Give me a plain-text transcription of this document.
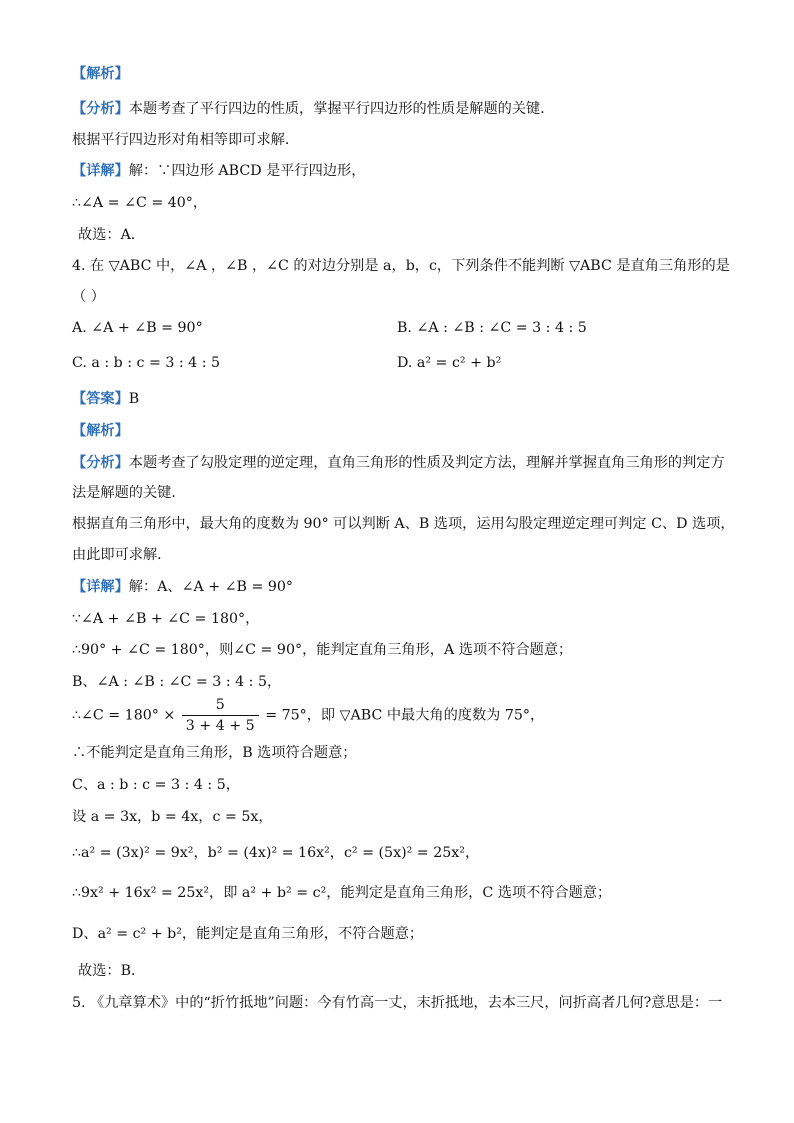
【解析】
【分析】本题考查了平行四边的性质，掌握平行四边形的性质是解题的关键．
根据平行四边形对角相等即可求解．
【详解】解：∵四边形 ABCD 是平行四边形，
∴∠A = ∠C = 40°，
故选：A．
4. 在 ▽ABC 中，∠A ，∠B ，∠C 的对边分别是 a，b，c，下列条件不能判断 ▽ABC 是直角三角形的是
（ ）
A. ∠A + ∠B = 90°	B. ∠A : ∠B : ∠C = 3 : 4 : 5
C. a : b : c = 3 : 4 : 5	D. a² = c² + b²
【答案】B
【解析】
【分析】本题考查了勾股定理的逆定理，直角三角形的性质及判定方法，理解并掌握直角三角形的判定方
法是解题的关键．
根据直角三角形中，最大角的度数为 90° 可以判断 A、B 选项，运用勾股定理逆定理可判定 C、D 选项，
由此即可求解．
【详解】解：A、∠A + ∠B = 90°
∵∠A + ∠B + ∠C = 180°，
∴90° + ∠C = 180°，则∠C = 90°，能判定直角三角形，A 选项不符合题意；
B、∠A : ∠B : ∠C = 3 : 4 : 5，
∴∠C = $180^\circ \times \frac{5}{3 + 4 + 5} = 75^\circ$，即 ▽ABC 中最大角的度数为 75°，
∴不能判定是直角三角形，B 选项符合题意；
C、a : b : c = 3 : 4 : 5，
设 a = 3x，b = 4x，c = 5x，
∴a² = (3x)² = 9x²，b² = (4x)² = 16x²，c² = (5x)² = 25x²，
∴9x² + 16x² = 25x²，即 a² + b² = c²，能判定是直角三角形，C 选项不符合题意；
D、a² = c² + b²，能判定是直角三角形，不符合题意；
故选：B．
5. 《九章算术》中的“折竹抵地”问题：今有竹高一丈，末折抵地，去本三尺，问折高者几何?意思是：一
